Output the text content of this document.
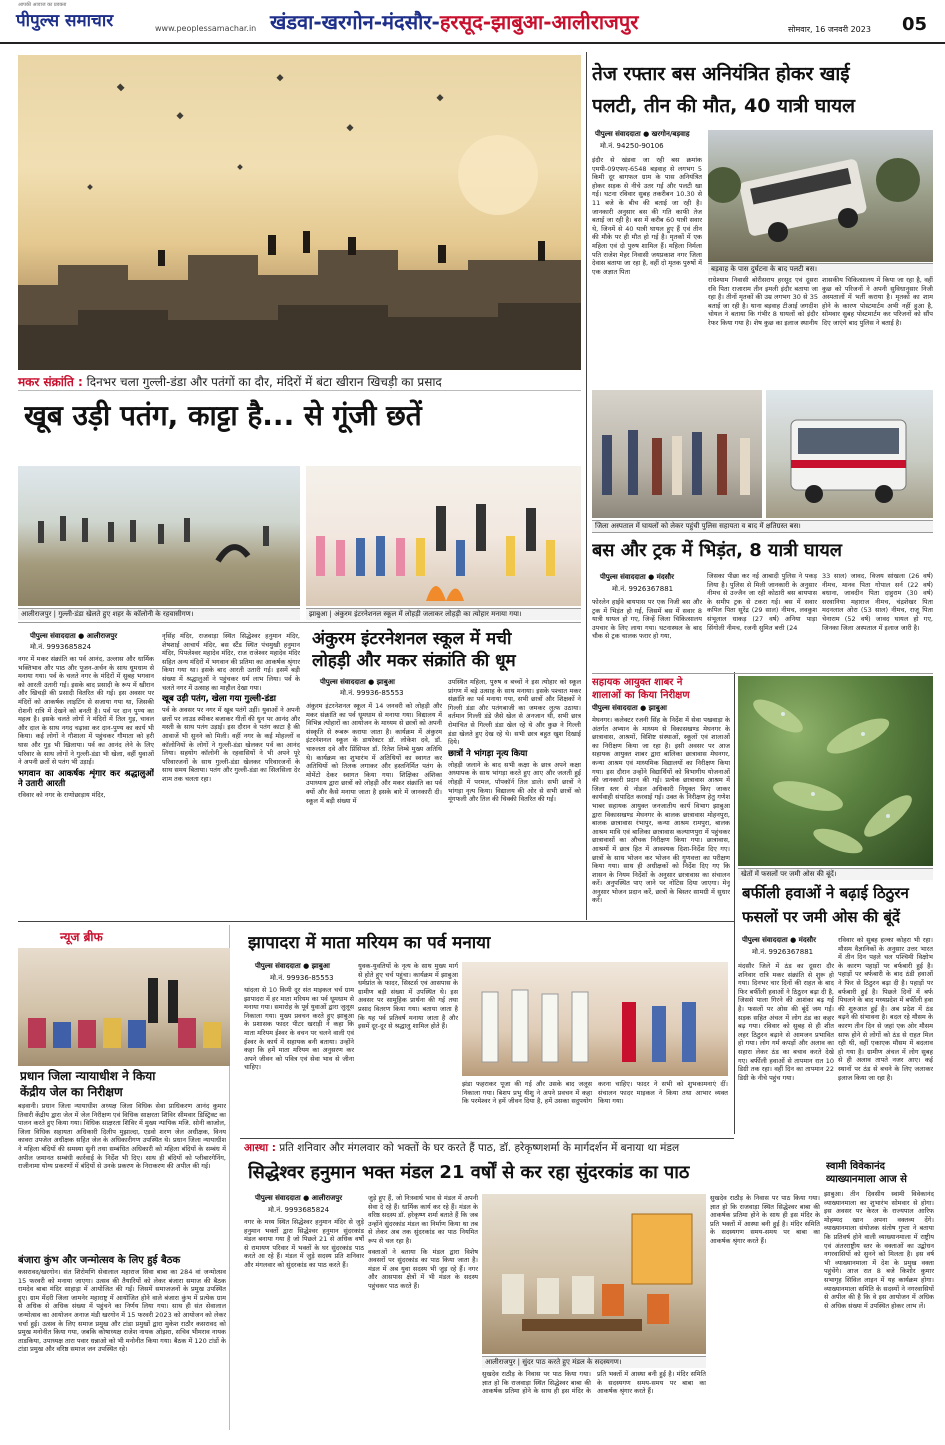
आपकी आवाज का प्रवक्ता
पीपुल्स समाचार	www.peoplessamachar.in खंडवा-खरगोन-मंदसौर-हरसूद-झाबुआ-आलीराजपुर	सोमवार, 16 जनवरी 2023 05
मकर संक्रांति : दिनभर चला गुल्ली-डंडा और पतंगों का दौर, मंदिरों में बंटा खीरान खिचड़ी का प्रसाद
खूब उड़ी पतंग, काट्टा है... से गूंजी छतें
आलीराजपुर | गुल्ली-डंडा खेलते हुए शहर के कॉलोनी के रहवासीगण।	झाबुआ | अंकुरम इंटरनेशनल स्कूल में लोहड़ी जलाकर लोहड़ी का त्योहार मनाया गया।
पीपुल्स संवाददाता ● आलीराजपुर
मो.नं. 9993685824
नगर में मकर संक्रांति का पर्व आनंद, उल्लास और धार्मिक भक्तिभाव और पाठ और पूजन-अर्चन के साथ धूमधाम से मनाया गया। पर्व के चलते नगर के मंदिरों में सुबह भगवान को आरती उतारी गई। इसके बाद प्रसादी के रूप में खीरान और खिचड़ी की प्रसादी वितरित की गई। इस अवसर पर मंदिरों को आकर्षक लाइटिंग से सजाया गया था, जिसकी रोशनी रात्रि में देखने को बनती है। पर्व पर दान पुण्य का महत्व है। इसके चलते लोगों ने मंदिरों में तिल गुड़, चावल और दाल के साथ नगद चढ़ावा कर दान-पुण्य का कार्य भी किया। कई लोगों ने गौशाला में पहुंचकर गौमाता को हरी घास और गुड़ भी खिलाया। पर्व का आनंद लेने के लिए परिवार के साथ लोगों ने गुल्ली-डंडा भी खेला, वहीं युवाओं ने अपनी छतों से पतंग भी उड़ाई।
भगवान का आकर्षक शृंगार कर श्रद्धालुओं ने उतारी आरती
रविवार को नगर के राणोछाड़ाय मंदिर,
नृसिंह मंदिर, राजवाड़ा स्थित सिद्धेश्वर हनुमान मंदिर, शेषशाई आचार्य मंदिर, बस स्टैंड स्थित पंचमुखी हनुमान मंदिर, पिपलेश्वर महादेव मंदिर, राज राजेश्वर महादेव मंदिर सहित अन्य मंदिरों में भगवान की प्रतिमा का आकर्षक श्रृंगार किया गया था। इसके बाद आरती उतारी गई। इसमें बड़ी संख्या में श्रद्धालुओं ने पहुंचकर धर्म लाभ लिया। पर्व के चलते नगर में उत्साह का माहौल देखा गया।
खूब उड़ी पतंग, खेला गया गुल्ली-डंडा
पर्व के अवसर पर नगर में खूब पतंगें उड़ीं। युवाओं ने अपनी छतों पर लाउड स्पीकर बजाकर गीतों की धुन पर आनंद और मस्ती के साथ पतंग उड़ाई। इस दौरान वे पतंग काटा है की आवाजें भी सुनने को मिली। वहीं नगर के कई मोहल्लों व कॉलोनियों के लोगों ने गुल्ली-डंडा खेलकर पर्व का आनंद लिया। सहयोग कॉलोनी के रहवासियों ने भी अपने पूरे परिवारजनों के साथ गुल्ली-डंडा खेलकर परिवारजनों के साथ समय बिताया। पतंग और गुल्ली-डंडा का सिलसिला देर शाम तक चलता रहा।
अंकुरम इंटरनेशनल स्कूल में मची
लोहड़ी और मकर संक्रांति की धूम
पीपुल्स संवाददाता ● झाबुआ
मो.नं. 99936-85553
अंकुरम इंटरनेशनल स्कूल में 14 जनवरी को लोहड़ी और मकर संक्रांति का पर्व धूमधाम से मनाया गया। विद्यालय में विभिन्न त्योहारों का आयोजन के माध्यम से छात्रों को अपनी संस्कृति से रूबरू कराया जाता है। कार्यक्रम में अंकुरम इंटरनेशनल स्कूल के डायरेक्टर डॉ. लोकेश दवे, डॉ. चारुलता दवे और प्रिंसिपल डॉ. रितेश लिम्बे मुख्य अतिथि थे। कार्यक्रम का शुभारंभ में अतिथियों का स्वागत कर अतिथियों को तिलक लगाकर और हस्तनिर्मित पतंग के मोमेंटो देकर स्वागत किया गया। शिक्षिका अंशिका उपाध्याय द्वारा छात्रों को लोहड़ी और मकर संक्रांति का पर्व क्यों और कैसे मनाया जाता है इसके बारे में जानकारी दी। स्कूल में बड़ी संख्या में
उपस्थित महिला, पुरुष व बच्चों ने इस त्योहार को स्कूल प्रांगण में बड़े उत्साह के साथ मनाया। इसके पश्चात मकर संक्रांति का पर्व मनाया गया, सभी छात्रों और शिक्षकों ने गिल्ली डंडा और पतंगबाजी का जमकर लुत्फ उठाया। वर्तमान गिल्ली डंडे जैसे खेल से अनजान थी, सभी छात्र रोमांचित से गिल्ली डंडा खेल रहे थे और कुछ ने गिल्ली डंडा खेलते हुए देख रहे थे। सभी छात्र बहुत खुश दिखाई दिये।
छात्रों ने भांगड़ा नृत्य किया
लोहड़ी जलाने के बाद सभी कक्षा के छात्र अपने कक्षा अध्यापक के साथ भांगड़ा करते हुए आए और जलती हुई लोहड़ी में परमल, पॉपकॉर्न तिल डाले। सभी छात्रों ने भांगड़ा नृत्य किया। विद्यालय की ओर से सभी छात्रों को मूंगफली और तिल की चिक्की वितरित की गई।
तेज रफ्तार बस अनियंत्रित होकर खाई
पलटी, तीन की मौत, 40 यात्री घायल
पीपुल्स संवाददाता ● खरगोन/बड़वाह
मो.नं. 94250-90106
इंदौर से खंडवा जा रही बस क्रमांक एमपी-09एफए-6548 बड़वाह से लगभग 5 किमी दूर बागफल ग्राम के पास अनियंत्रित होकर सड़क से नीचे उतर गई और पलटी खा गई। घटना रविवार सुबह तकरीबन 10.30 से 11 बजे के बीच की बताई जा रही है। जानकारी अनुसार बस की गति काफी तेज बताई जा रही है। बस में करीब 60 यात्री सवार थे, जिनमें से 40 यात्री घायल हुए हैं एवं तीन की मौके पर ही मौत हो गई है। मृतकों में एक महिला एवं दो पुरुष शामिल हैं। महिला निर्मला पति राजेश मेहर निवासी जयप्रकाश नगर जिला देवास बताया जा रहा है, वहीं दो मृतक पुरुषों में एक अज्ञात पिता	बड़वाह के पास दुर्घटना के बाद पलटी बस।
राधेश्याम निवासी बोरीसराय हरसूद एवं दूसरा रवि पिता राजाराम तीन इमली इंदौर बताया जा रहा है। तीनों मृतकों की उम्र लगभग 30 से 35 बताई जा रही है। थाना बड़वाह टीआई जगदीश चोयल ने बताया कि गंभीर 8 घायलों को इंदौर रेफर किया गया है। शेष कुछ का इलाज स्थानीय
शासकीय चिकित्सालय में किया जा रहा है, वहीं कुछ को परिजनों ने अपनी सुविधानुसार निजी अस्पतालों में भर्ती कराया है। मृतकों का शाम होने के कारण पोस्टमार्टम अभी नहीं हुआ है, सोमवार सुबह पोस्टमार्टम कर परिजनों को सौंप दिए जाएंगे बाद पुलिस ने बताई है।
जिला अस्पताल में घायलों को लेकर पहुंची पुलिस सहायता व बाद में क्षतिग्रस्त बस।
बस और ट्रक में भिड़ंत, 8 यात्री घायल
पीपुल्स संवाददाता ● मंदसौर
मो.नं. 9926367881
फोरलेन हाईवे बायपास पर एक निजी बस और ट्रक में भिड़ंत हो गई, जिसमें बस में सवार 8 यात्री घायल हो गए, जिन्हें जिला चिकित्सालय उपचार के लिए लाया गया। घटनास्थल के बाद चौक से ट्रक चालक फरार हो गया,
जिसका पीछा कर नई आबादी पुलिस ने पकड़ लिया है। पुलिस से मिली जानकारी के अनुसार नीमच से उज्जैन जा रही कोठारी बस बायपास के समीप ट्रक से टकरा गई। बस में सवार कपिल पिता सुरेंद्र (29 साल) नीमच, लवकुश संभूलाल धाकड़ (27 वर्ष) अनिया पाड़ा सिंगोली नीमच, रजनी सुमित बत्ती (24
33 साल) जावद, विजय सांखला (26 वर्ष) नीमच, मानव पिता गोपाल सर्न (22 वर्ष) बधाना, जावदीन पिता दाहुराम (30 वर्ष) सरवानिया महाराज नीमच, चंद्रशेखर पिता मदनलाल ओरा (53 साल) नीमच, राजू पिता चेनाराम (52 वर्ष) जावद घायल हो गए, जिनका जिला अस्पताल में इलाज जारी है।
सहायक आयुक्त शाबर ने
शालाओं का किया निरीक्षण
पीपुल्स संवाददाता ● झाबुआ
मेघनगर। कलेक्टर रजनी सिंह के निर्देश में सेवा पखवाड़ा के अंतर्गत अभ्यान के माध्यम से विकासखण्ड मेघनगर के छात्रावास, आश्रमों, विशिष्ट संस्थाओं, स्कूलों एवं शालाओं का निरीक्षण किया जा रहा है। इसी अवसर पर आज सहायक आयुक्त शाबर द्वारा बालिका छात्रावास मेघनगर, कन्या आश्रम एवं माध्यमिक विद्यालयों का निरीक्षण किया गया। इस दौरान उन्होंने विद्यार्थियों को विभागीय योजनाओं की जानकारी प्रदान की गई। प्रत्येक छात्रावास आश्रम में जिला स्तर से नोडल अधिकारी नियुक्त किए जाकर कार्यवाही संपादित करवाई गई। उक्त के निरीक्षण हेतु गणेश भाबर सहायक आयुक्त जनजातीय कार्य विभाग झाबुआ द्वारा विकासखण्ड मेघनगर के बालक छात्रावास मोहनपुरा, बालक छात्रावास रंभापुर, कन्या आश्रम रामपुरा, बालक आश्रम मावि एवं बालिका छात्रावास कल्याणपुरा में पहुंचकर छात्रावासों का औचक निरीक्षण किया गया। छात्रावास, आश्रमों में छात्र हित में आवश्यक दिशा-निर्देश दिए गए। छात्रों के साथ भोजन कर भोजन की गुणवत्ता का परीक्षण किया गया। साथ ही अधीक्षकों को निर्देश दिए गए कि शासन के नियम निर्देशों के अनुसार छात्रावास का संचालन करें। अनुपस्थित पाए जाने पर नोटिस दिया जाएगा। मेनू अनुसार भोजन प्रदान करें, छात्रों के बिस्तर सामग्री में सुधार करें।
खेतों में फसलों पर जमी ओस की बूंदें।
बर्फीली हवाओं ने बढ़ाई ठिठुरन
फसलों पर जमी ओस की बूंदें
पीपुल्स संवाददाता ● मंदसौर
मो.नं. 9926367881
मंदसौर जिले में ठंड का दूसरा दौर शनिवार रात्रि मकर संक्रांति से शुरू हो गया। दिनभर चार दिनों की राहत के बाद फिर बर्फीली हवाओं ने ठिठुरन बढ़ा दी है, जिससे पाला गिरने की आशंका बढ़ गई है। फसलों पर ओस की बूंदें जम गईं। सड़क सहित अंचल में लोग ठंड का कहर बढ़ गया। रविवार को सुबह से ही शीत लहर ठिठुरन बढ़ाने से आमजन प्रभावित हो गया। लोग गर्म कपड़ों और अलाव का सहारा लेकर ठंड का बचाव करते देखे गए। बर्फीली हवाओं से तापमान रात 10 डिग्री तक रहा। वहीं दिन का तापमान 22 डिग्री के नीचे पहुंच गया।
रविवार को सुबह हल्का कोहरा भी रहा। मौसम वैज्ञानिकों के अनुसार उत्तर भारत में तीन दिन पहले चल पश्चिमी विक्षोभ के कारण पहाड़ों पर बर्फबारी हुई है। पहाड़ों पर बर्फबारी के बाद ठंडी हवाओं ने फिर से ठिठुरन बढ़ा दी है। पहाड़ों पर बर्फबारी हुई है। पिछले दिनों में बर्फ पिघलने के बाद मध्यप्रदेश में बर्फीली हवा की शुरुआत हुई है। अब प्रदेश में ठंड बढ़ने की संभावना है। बदल रहे मौसम के कारण तीन दिन से जहां एक ओर मौसम साफ होने से लोगों को ठंड से राहत मिल रही थी, वहीं एकाएक मौसम में बदलाव हो गया है। ग्रामीण अंचल में लोग सुबह से ही अलाव तापते नजर आए। कई स्थानों पर ठंड से बचने के लिए जलाकर इलाज किया जा रहा है।
न्यूज ब्रीफ
प्रधान जिला न्यायाधीश ने किया
केंद्रीय जेल का निरीक्षण
बड़वानी। प्रधान जिला न्यायाधीश अध्यक्ष जिला विधिक सेवा प्राधिकरण आनंद कुमार तिवारी केंद्रीय द्वारा जेल में जेल निरीक्षण एवं विधिक साक्षरता शिविर सीमवार डिस्ट्रिक्ट का पालन करते हुए किया गया। विधिक साक्षरता शिविर में मुख्य न्यायिक मजि. सोनी काजोल, जिला विधिक सहायता अधिकारी दिलीप मुझाल्दा, एडवो शरण जेल अधीक्षक, विनय कावरा उपजेल अधीक्षक सहित जेल के अधिकारीगण उपस्थित थे। प्रधान जिला न्यायाधीश ने महिला बंदियों की समस्या सुनी तथा सम्बंधित अधिकारी को महिला बंदियों के सम्बंध में अपील जमानत सम्बंधी कार्रवाई के निर्देश भी दिए। साथ ही बंदियों को प्लीबारगेनिंग, राजीनामा योग्य प्रकरणों में बंदियों से उनके प्रकरण के निराकरण की अपील की गई।
बंजारा कुंभ और जन्मोत्सव के लिए हुई बैठक
कसरावद/खरगोन। संत शिरोमणि सेवालाल महाराज सिवा बाबा का 284 वां जन्मोत्सव 15 फरवरी को मनाया जाएगा। उत्सव की तैयारियों को लेकर बंजारा समाज की बैठक रामदेव बाबा मंदिर साहाड़ा में आयोजित की गई। जिसमें समाजजनों के प्रमुख उपस्थित हुए। ग्राम मेंदरी जिला जामनेर महाराष्ट्र में आयोजित होने वाले बंजारा कुंभ में प्रत्येक ग्राम से अधिक से अधिक संख्या में पहुंचने का निर्णय लिया गया। साथ ही संत सेवालाल जन्मोत्सव का आयोजन अनाज मंडी खरगोन में 15 फरवरी 2023 को आयोजन को लेकर चर्चा हुई। उत्सव के लिए समाज प्रमुख और टांडा प्रमुखों द्वारा मुकेश राठौर कसरावद को प्रमुख मनोनीत किया गया, जबकि कोषाध्यक्ष राजेश नायक ओझरा, सचिव भीमराव नायक ताडकिया, उपाध्यक्ष तारा पवार धन्नाओ को भी मनोनीत किया गया। बैठक में 120 टांडों के टांडा प्रमुख और वरिष्ठ समाज जन उपस्थित रहे।
झापादरा में माता मरियम का पर्व मनाया
पीपुल्स संवाददाता ● झाबुआ
मो.नं. 99936-85553
थांदला से 10 किमी दूर संत माइकल चर्च ग्राम झापादरा में हर माता मरियम का पर्व धूमधाम से मनाया गया। समारोह के पूर्व युवाओं द्वारा जुलूस निकाला गया। मुख्य प्रवचन करते हुए झाबुआ के प्रशासक फादर पीटर खराड़ी ने कहा कि माता मरियम ईश्वर के वचन पर चलने वाली एवं ईश्वर के कार्य में सहायक बनी बताया। उन्होंने कहा कि हमें माता मरियम का अनुसरण कर अपने जीवन को पवित्र एवं सेवा भाव से जीना चाहिए।
युवक-युवतियों के नृत्य के साथ मुख्य मार्ग से होते हुए चर्च पहुंचा। कार्यक्रम में झाबुआ धर्मप्रांत के फादर, सिस्टर्स एवं आसपास के ग्रामीण बड़ी संख्या में उपस्थित थे। इस अवसर पर सामूहिक प्रार्थना की गई तथा प्रसाद वितरण किया गया। बताया जाता है कि यह पर्व प्रतिवर्ष मनाया जाता है और इसमें दूर-दूर से श्रद्धालु शामिल होते हैं।
झंडा फहराकर पूजा की गई और उसके बाद जलूस निकाला गया। बिशप प्रभु यीशु ने अपने प्रवचन में कहा कि परमेश्वर ने हमें जीवन दिया है, हमें उसका सदुपयोग करना चाहिए। फादर ने सभी को शुभकामनाएं दीं। संचालन फादर माइकल ने किया तथा आभार व्यक्त किया गया।
आस्था : प्रति शनिवार और मंगलवार को भक्तों के घर करते हैं पाठ, डॉ. हरेकृष्णशर्मा के मार्गदर्शन में बनाया था मंडल
सिद्धेश्वर हनुमान भक्त मंडल 21 वर्षों से कर रहा सुंदरकांड का पाठ
पीपुल्स संवाददाता ● आलीराजपुर
मो.नं. 9993685824
नगर के मध्य स्थित सिद्धेश्वर हनुमान मंदिर से जुड़े हनुमान भक्तों द्वारा सिद्धेश्वर हनुमान सुंदरकांड मंडल बनाया गया है जो पिछले 21 से अधिक वर्षों से रामायण परिवार में भक्तों के घर सुंदरकांड पाठ करते आ रहे हैं। मंडल में जुड़े सदस्य प्रति शनिवार और मंगलवार को सुंदरकांड का पाठ करते हैं।
जुड़े हुए हैं, जो निःस्वार्थ भाव से मंडल में अपनी सेवा दे रहे हैं। धार्मिक कार्य कर रहे हैं। मंडल के वरिष्ठ सदस्य डॉ. हरेकृष्ण शर्मा बताते हैं कि जब उन्होंने सुंदरकांड मंडल का निर्माण किया था तब से लेकर अब तक सुंदरकांड का पाठ नियमित रूप से चल रहा है।
वक्ताओं ने बताया कि मंडल द्वारा विशेष अवसरों पर सुंदरकांड का पाठ किया जाता है। मंडल में अब युवा सदस्य भी जुड़ रहे हैं। नगर और आसपास क्षेत्रों में भी मंडल के सदस्य पहुंचकर पाठ करते हैं।
आलीराजपुर | सुंदर पाठ करते हुए मंडल के सदस्यगण।
सुखदेव राठौड़ के निवास पर पाठ किया गया। ज्ञात हो कि राजवाड़ा स्थित सिद्धेश्वर बाबा की आकर्षक प्रतिमा होने के साथ ही इस मंदिर के प्रति भक्तों में आस्था बनी हुई है। मंदिर समिति के सदस्यगण समय-समय पर बाबा का आकर्षक श्रृंगार करते हैं।
सुखदेव राठौड़ के निवास पर पाठ किया गया। ज्ञात हो कि राजवाड़ा स्थित सिद्धेश्वर बाबा की आकर्षक प्रतिमा होने के साथ ही इस मंदिर के प्रति भक्तों में आस्था बनी हुई है। मंदिर समिति के सदस्यगण समय-समय पर बाबा का आकर्षक श्रृंगार करते हैं।
स्वामी विवेकानंद
व्याख्यानमाला आज से
झाबुआ। तीन दिवसीय स्वामी विवेकानंद व्याख्यानमाला का शुभारंभ सोमवार से होगा। इस अवसर पर केरल के राज्यपाल आरिफ मोहम्मद खान अपना वक्तव्य देंगे। व्याख्यानमाला संयोजक संतोष गुप्ता ने बताया कि प्रतिवर्ष होने वाली व्याख्यानमाला में राष्ट्रीय एवं अंतरराष्ट्रीय स्तर के वक्ताओं का उद्बोधन नगरवासियों को सुनने को मिलता है। इस वर्ष भी व्याख्यानमाला में देश के प्रमुख वक्ता पहुंचेंगे। आज रात 8 बजे किशोर कुमार सभागृह सिविल लाइन में यह कार्यक्रम होगा। व्याख्यानमाला समिति के सदस्यों ने नगरवासियों से अपील की है कि वे इस आयोजन में अधिक से अधिक संख्या में उपस्थित होकर लाभ लें।
